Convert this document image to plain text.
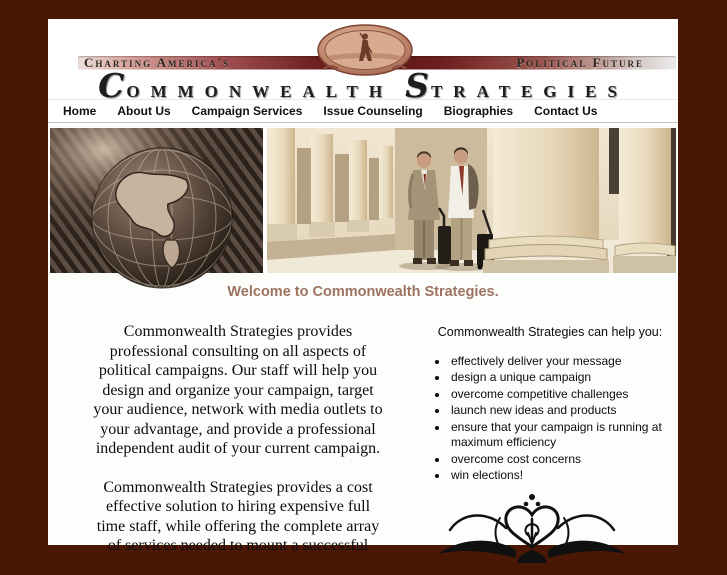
Charting America's	Political Future
Commonwealth Strategies
Home About Us Campaign Services Issue Counseling Biographies Contact Us
Welcome to Commonwealth Strategies.

Commonwealth Strategies provides
professional consulting on all aspects of
political campaigns. Our staff will help you
design and organize your campaign, target
your audience, network with media outlets to
your advantage, and provide a professional
independent audit of your current campaign.

Commonwealth Strategies provides a cost
effective solution to hiring expensive full
time staff, while offering the complete array
of services needed to mount a successful

Commonwealth Strategies can help you:
• effectively deliver your message
• design a unique campaign
• overcome competitive challenges
• launch new ideas and products
• ensure that your campaign is running at maximum efficiency
• overcome cost concerns
• win elections!
